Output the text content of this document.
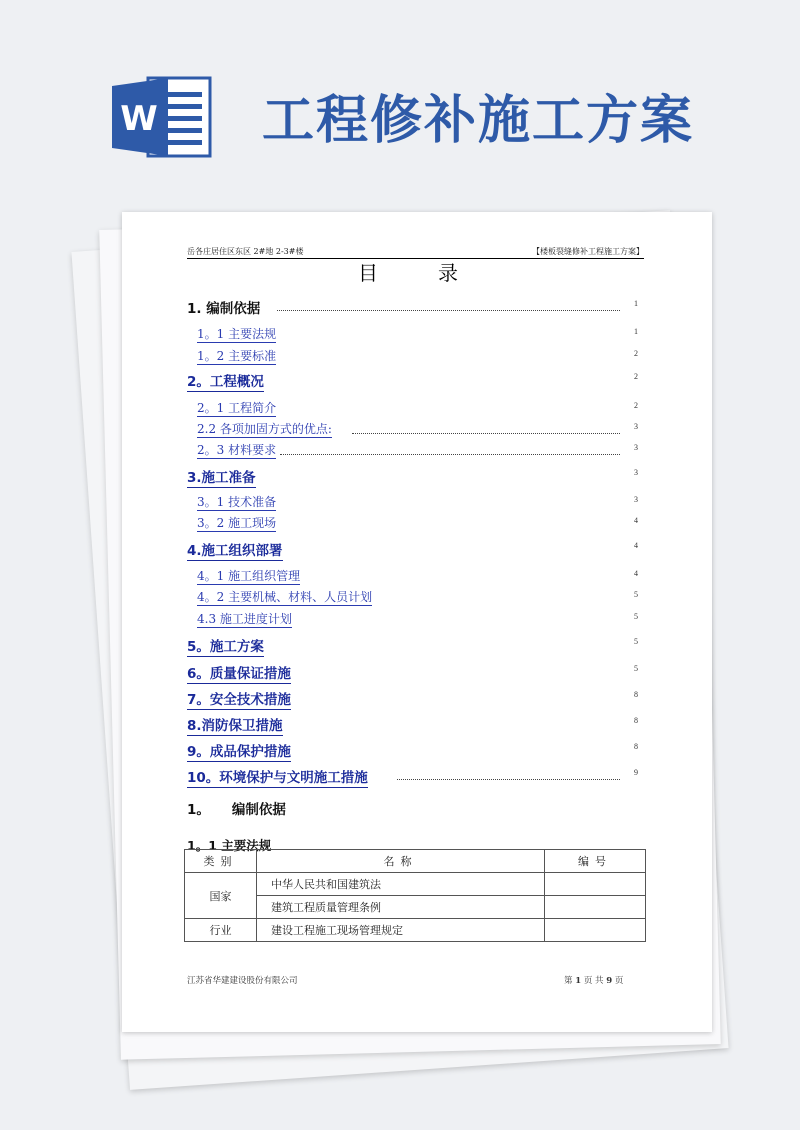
W 工程修补施工方案
岳各庄居住区东区 2#地 2-3#楼	【楼板裂缝修补工程施工方案】
目	录
1. 编制依据	1
1。1 主要法规	1
1。2 主要标准	2
2。工程概况	2
2。1 工程简介	2
2.2 各项加固方式的优点:	3
2。3 材料要求	3
3.施工准备	3
3。1 技术准备	3
3。2 施工现场	4
4.施工组织部署	4
4。1 施工组织管理	4
4。2 主要机械、材料、人员计划	5
4.3 施工进度计划	5
5。施工方案	5
6。质量保证措施	5
7。安全技术措施	8
8.消防保卫措施	8
9。成品保护措施	8
10。环境保护与文明施工措施	9
1。 编制依据
1。1 主要法规
类别	名称	编号
国家	中华人民共和国建筑法	
	建筑工程质量管理条例	
行业	建设工程施工现场管理规定	
江苏省华建建设股份有限公司	第 1 页 共 9 页
